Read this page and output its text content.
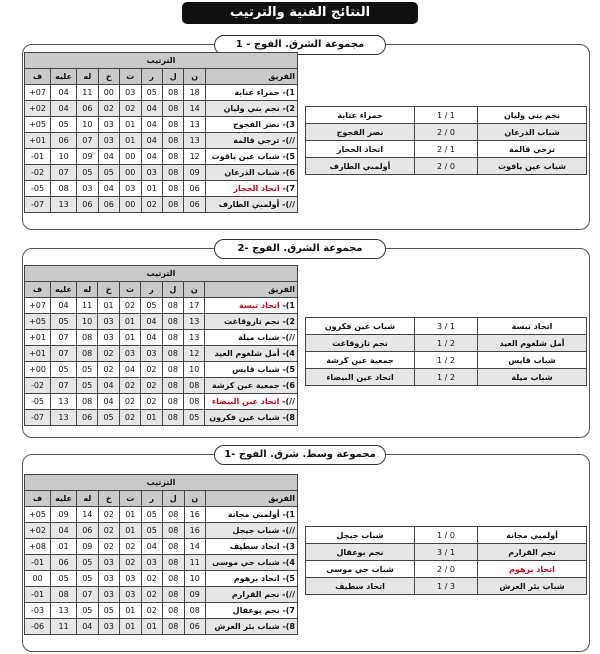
النتائج الفنية والترتيب
مجموعة الشرق. الفوج - 1
مجموعة الشرق. الفوج -2
مجموعة وسط. شرق. الفوج -1
الترتيب								
الفريق	ن	ل	ر	ت	خ	له	عليه	ف
1)- حمراء عنابة	18	08	05	03	00	11	04	07+
2)- نجم بني وليان	14	08	04	02	02	06	04	02+
3)- نصر الفجوج	13	08	04	01	03	10	05	05+
//)- ترجي قالمة	13	08	04	01	03	07	06	01+
5)- شباب عين ياقوت	12	08	04	00	04	09	10	01-
6)- شباب الذرعان	09	08	03	00	05	05	07	02-
7)- اتحاد الحجار	06	08	01	03	04	03	08	05-
//)- أولمبي الطارف	06	08	02	00	06	06	13	07-
الترتيب								
الفريق	ن	ل	ر	ت	خ	له	عليه	ف
1)- اتحاد تبسة	17	08	05	02	01	11	04	07+
2)- نجم تازوقاغت	13	08	04	01	03	10	05	05+
//)- شباب ميلة	13	08	04	01	03	08	07	01+
4)- أمل شلغوم العيد	12	08	03	03	02	08	07	01+
5)- شباب قايس	10	08	02	04	02	05	05	00+
6)- جمعية عين كرشة	08	08	02	02	04	05	07	02-
//)- اتحاد عين البيضاء	08	08	02	02	04	08	13	05-
8)- شباب عين فكرون	05	08	01	02	05	06	13	07-
الترتيب								
الفريق	ن	ل	ر	ت	خ	له	عليه	ف
1)- أولمبي مجانة	16	08	05	01	02	14	09	05+
//)- شباب جيجل	16	08	05	01	02	06	04	02+
3)- اتحاد سطيف	14	08	04	02	02	09	01	08+
4)- شباب حي موسى	11	08	03	02	03	05	06	01-
5)- اتحاد برهوم	10	08	02	03	03	05	05	00
//)- نجم القرارم	09	08	02	03	03	07	08	01-
7)- نجم بوعقال	08	08	02	01	05	05	13	03-
8)- شباب بئر العرش	06	08	01	01	03	04	11	06-
نجم بني وليان	1 / 1	حمراء عنابة
شباب الذرعان	0 / 2	نصر الفجوج
ترجي قالمة	1 / 2	اتحاد الحجار
شباب عين ياقوت	0 / 2	أولمبي الطارف
اتحاد تبسة	1 / 3	شباب عين فكرون
أمل شلغوم العيد	2 / 1	نجم تازوقاغت
شباب قايس	2 / 1	جمعية عين كرشة
شباب ميلة	2 / 1	اتحاد عين البيضاء
أولمبي مجانة	0 / 1	شباب جيجل
نجم القرارم	1 / 3	نجم بوعقال
اتحاد برهوم	0 / 2	شباب حي موسى
شباب بئر العرش	3 / 1	اتحاد سطيف
